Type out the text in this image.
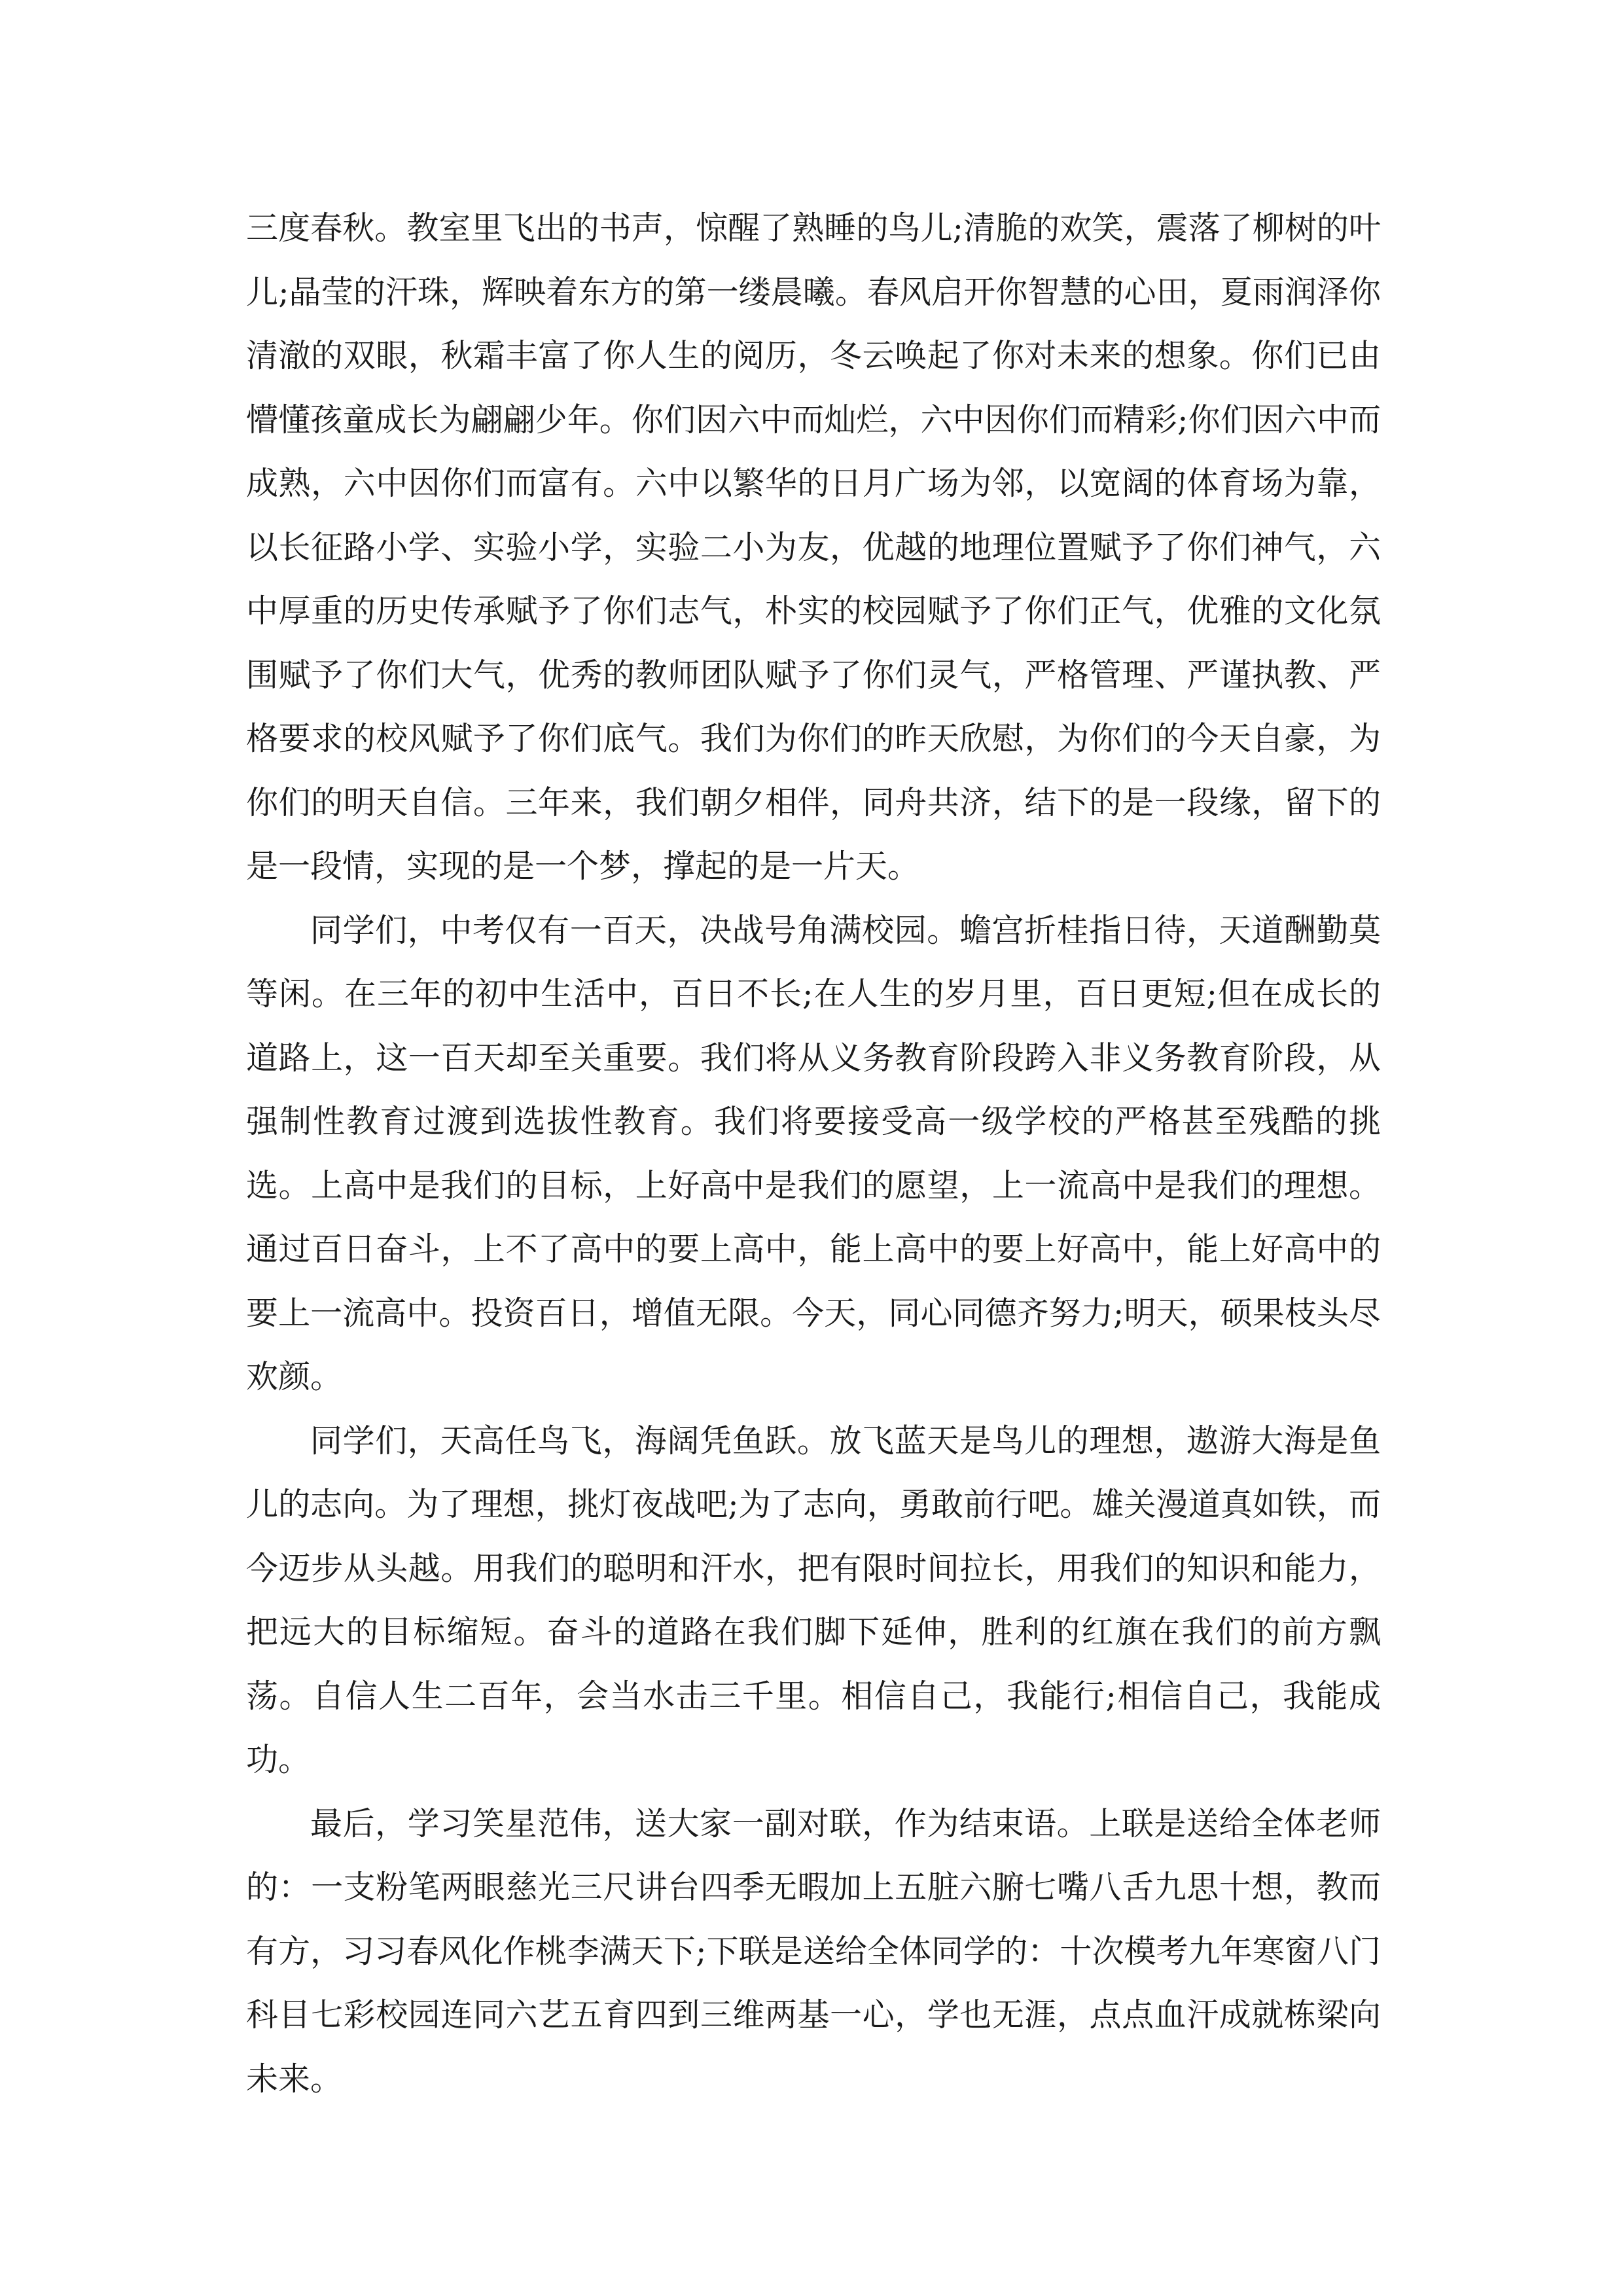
三度春秋。教室里飞出的书声，惊醒了熟睡的鸟儿;清脆的欢笑，震落了柳树的叶儿;晶莹的汗珠，辉映着东方的第一缕晨曦。春风启开你智慧的心田，夏雨润泽你清澈的双眼，秋霜丰富了你人生的阅历，冬云唤起了你对未来的想象。你们已由懵懂孩童成长为翩翩少年。你们因六中而灿烂，六中因你们而精彩;你们因六中而成熟，六中因你们而富有。六中以繁华的日月广场为邻，以宽阔的体育场为靠，以长征路小学、实验小学，实验二小为友，优越的地理位置赋予了你们神气，六中厚重的历史传承赋予了你们志气，朴实的校园赋予了你们正气，优雅的文化氛围赋予了你们大气，优秀的教师团队赋予了你们灵气，严格管理、严谨执教、严格要求的校风赋予了你们底气。我们为你们的昨天欣慰，为你们的今天自豪，为你们的明天自信。三年来，我们朝夕相伴，同舟共济，结下的是一段缘，留下的是一段情，实现的是一个梦，撑起的是一片天。

同学们，中考仅有一百天，决战号角满校园。蟾宫折桂指日待，天道酬勤莫等闲。在三年的初中生活中，百日不长;在人生的岁月里，百日更短;但在成长的道路上，这一百天却至关重要。我们将从义务教育阶段跨入非义务教育阶段，从强制性教育过渡到选拔性教育。我们将要接受高一级学校的严格甚至残酷的挑选。上高中是我们的目标，上好高中是我们的愿望，上一流高中是我们的理想。通过百日奋斗，上不了高中的要上高中，能上高中的要上好高中，能上好高中的要上一流高中。投资百日，增值无限。今天，同心同德齐努力;明天，硕果枝头尽欢颜。

同学们，天高任鸟飞，海阔凭鱼跃。放飞蓝天是鸟儿的理想，遨游大海是鱼儿的志向。为了理想，挑灯夜战吧;为了志向，勇敢前行吧。雄关漫道真如铁，而今迈步从头越。用我们的聪明和汗水，把有限时间拉长，用我们的知识和能力，把远大的目标缩短。奋斗的道路在我们脚下延伸，胜利的红旗在我们的前方飘荡。自信人生二百年，会当水击三千里。相信自己，我能行;相信自己，我能成功。

最后，学习笑星范伟，送大家一副对联，作为结束语。上联是送给全体老师的：一支粉笔两眼慈光三尺讲台四季无暇加上五脏六腑七嘴八舌九思十想，教而有方，习习春风化作桃李满天下;下联是送给全体同学的：十次模考九年寒窗八门科目七彩校园连同六艺五育四到三维两基一心，学也无涯，点点血汗成就栋梁向未来。
